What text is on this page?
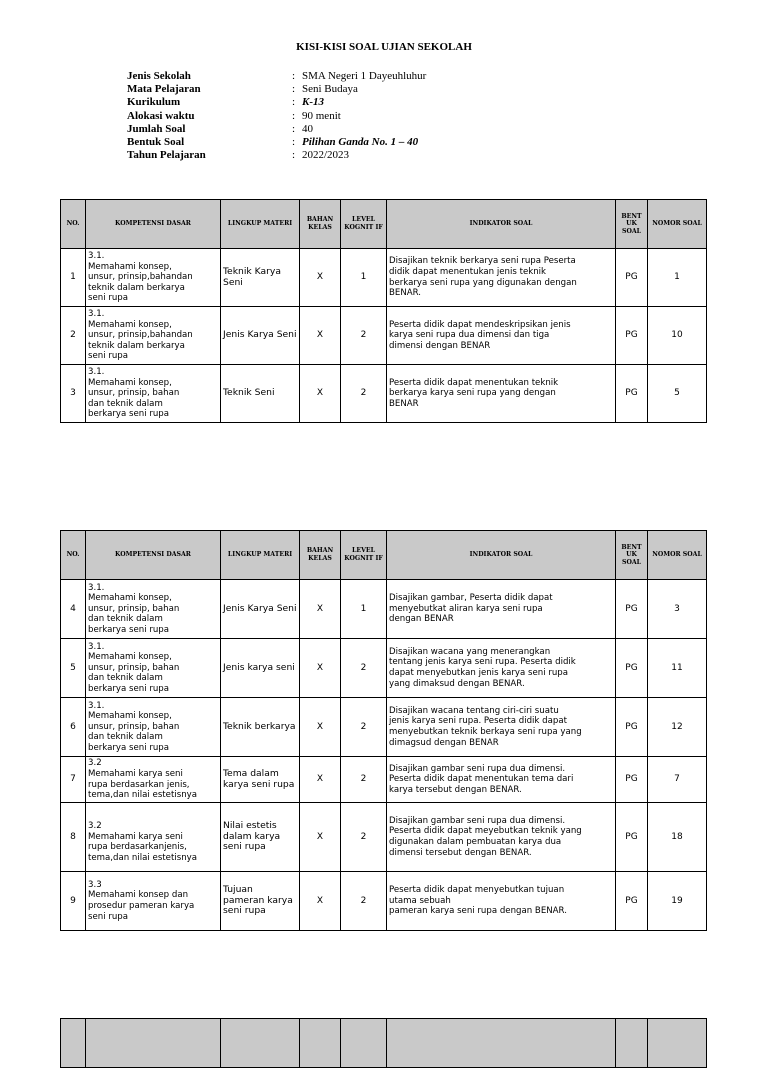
KISI-KISI SOAL UJIAN SEKOLAH
Jenis Sekolah	: SMA Negeri 1 Dayeuhluhur
Mata Pelajaran	: Seni Budaya
Kurikulum	: K-13
Alokasi waktu	: 90 menit
Jumlah Soal	: 40
Bentuk Soal	: Pilihan Ganda No. 1 – 40
Tahun Pelajaran	: 2022/2023
NO.	KOMPETENSI DASAR	LINGKUP MATERI	BAHAN KELAS	LEVEL KOGNIT IF	INDIKATOR SOAL	BENT UK SOAL	NOMOR SOAL
1	3.1.
Memahami konsep,
unsur, prinsip,bahandan
teknik dalam berkarya
seni rupa	Teknik Karya Seni	X	1	Disajikan teknik berkarya seni rupa Peserta
didik dapat menentukan jenis teknik
berkarya seni rupa yang digunakan dengan
BENAR.	PG	1
2	3.1.
Memahami konsep,
unsur, prinsip,bahandan
teknik dalam berkarya
seni rupa	Jenis Karya Seni	X	2	Peserta didik dapat mendeskripsikan jenis
karya seni rupa dua dimensi dan tiga
dimensi dengan BENAR	PG	10
3	3.1.
Memahami konsep,
unsur, prinsip, bahan
dan teknik dalam
berkarya seni rupa	Teknik Seni	X	2	Peserta didik dapat menentukan teknik
berkarya karya seni rupa yang dengan
BENAR	PG	5
NO.	KOMPETENSI DASAR	LINGKUP MATERI	BAHAN KELAS	LEVEL KOGNIT IF	INDIKATOR SOAL	BENT UK SOAL	NOMOR SOAL
4	3.1.
Memahami konsep,
unsur, prinsip, bahan
dan teknik dalam
berkarya seni rupa	Jenis Karya Seni	X	1	Disajikan gambar, Peserta didik dapat
menyebutkat aliran karya seni rupa
dengan BENAR	PG	3
5	3.1.
Memahami konsep,
unsur, prinsip, bahan
dan teknik dalam
berkarya seni rupa	Jenis karya seni	X	2	Disajikan wacana yang menerangkan
tentang jenis karya seni rupa. Peserta didik
dapat menyebutkan jenis karya seni rupa
yang dimaksud dengan BENAR.	PG	11
6	3.1.
Memahami konsep,
unsur, prinsip, bahan
dan teknik dalam
berkarya seni rupa	Teknik berkarya	X	2	Disajikan wacana tentang ciri-ciri suatu
jenis karya seni rupa. Peserta didik dapat
menyebutkan teknik berkaya seni rupa yang
dimagsud dengan BENAR	PG	12
7	3.2
Memahami karya seni
rupa berdasarkan jenis,
tema,dan nilai estetisnya	Tema dalam karya seni rupa	X	2	Disajikan gambar seni rupa dua dimensi.
Peserta didik dapat menentukan tema dari
karya tersebut dengan BENAR.	PG	7
8	
3.2
Memahami karya seni
rupa berdasarkanjenis,
tema,dan nilai estetisnya	Nilai estetis dalam karya seni rupa	X	2	Disajikan gambar seni rupa dua dimensi.
Peserta didik dapat meyebutkan teknik yang
digunakan dalam pembuatan karya dua
dimensi tersebut dengan BENAR.	PG	18
9	3.3
Memahami konsep dan
prosedur pameran karya
seni rupa	Tujuan pameran karya seni rupa	X	2	Peserta didik dapat menyebutkan tujuan
utama sebuah
pameran karya seni rupa dengan BENAR.	PG	19
